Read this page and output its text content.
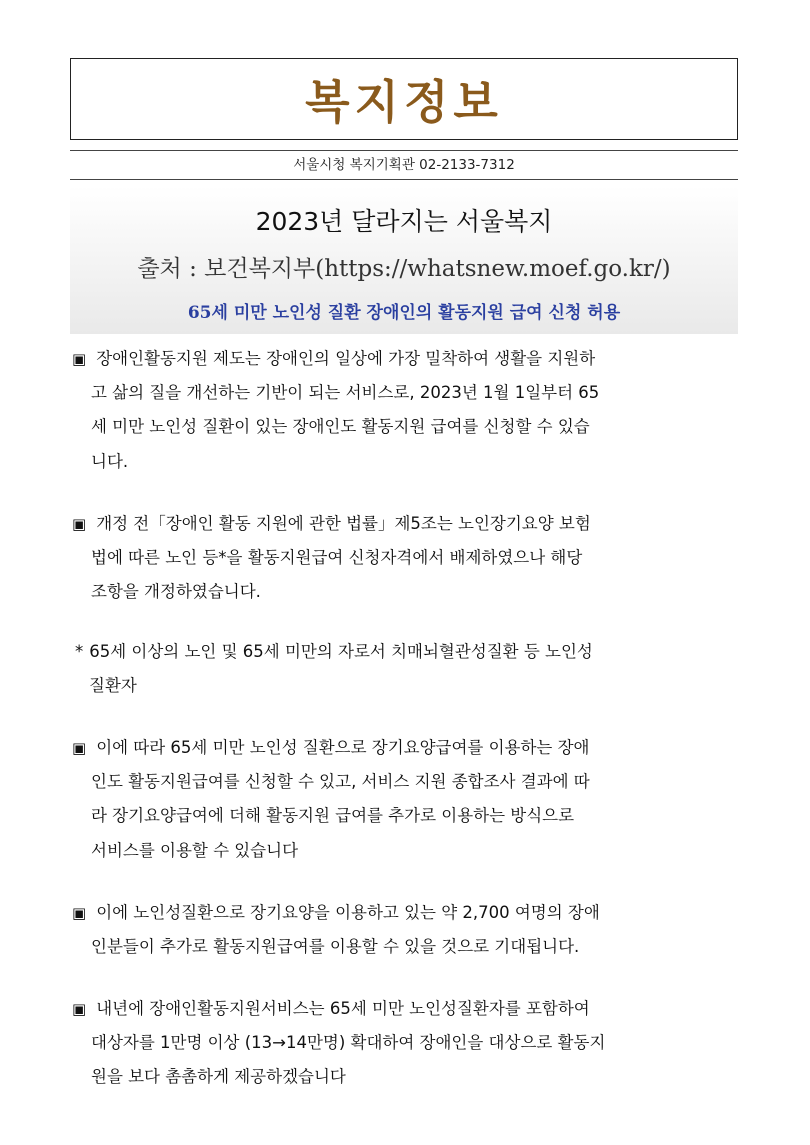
복지정보
서울시청 복지기획관 02-2133-7312
2023년 달라지는 서울복지
출처 : 보건복지부(https://whatsnew.moef.go.kr/)
65세 미만 노인성 질환 장애인의 활동지원 급여 신청 허용
▣ 장애인활동지원 제도는 장애인의 일상에 가장 밀착하여 생활을 지원하
고 삶의 질을 개선하는 기반이 되는 서비스로, 2023년 1월 1일부터 65
세 미만 노인성 질환이 있는 장애인도 활동지원 급여를 신청할 수 있습
니다.
▣ 개정 전「장애인 활동 지원에 관한 법률」제5조는 노인장기요양 보험
법에 따른 노인 등*을 활동지원급여 신청자격에서 배제하였으나 해당
조항을 개정하였습니다.
* 65세 이상의 노인 및 65세 미만의 자로서 치매뇌혈관성질환 등 노인성
질환자
▣ 이에 따라 65세 미만 노인성 질환으로 장기요양급여를 이용하는 장애
인도 활동지원급여를 신청할 수 있고, 서비스 지원 종합조사 결과에 따
라 장기요양급여에 더해 활동지원 급여를 추가로 이용하는 방식으로
서비스를 이용할 수 있습니다
▣ 이에 노인성질환으로 장기요양을 이용하고 있는 약 2,700 여명의 장애
인분들이 추가로 활동지원급여를 이용할 수 있을 것으로 기대됩니다.
▣ 내년에 장애인활동지원서비스는 65세 미만 노인성질환자를 포함하여
대상자를 1만명 이상 (13→14만명) 확대하여 장애인을 대상으로 활동지
원을 보다 촘촘하게 제공하겠습니다
